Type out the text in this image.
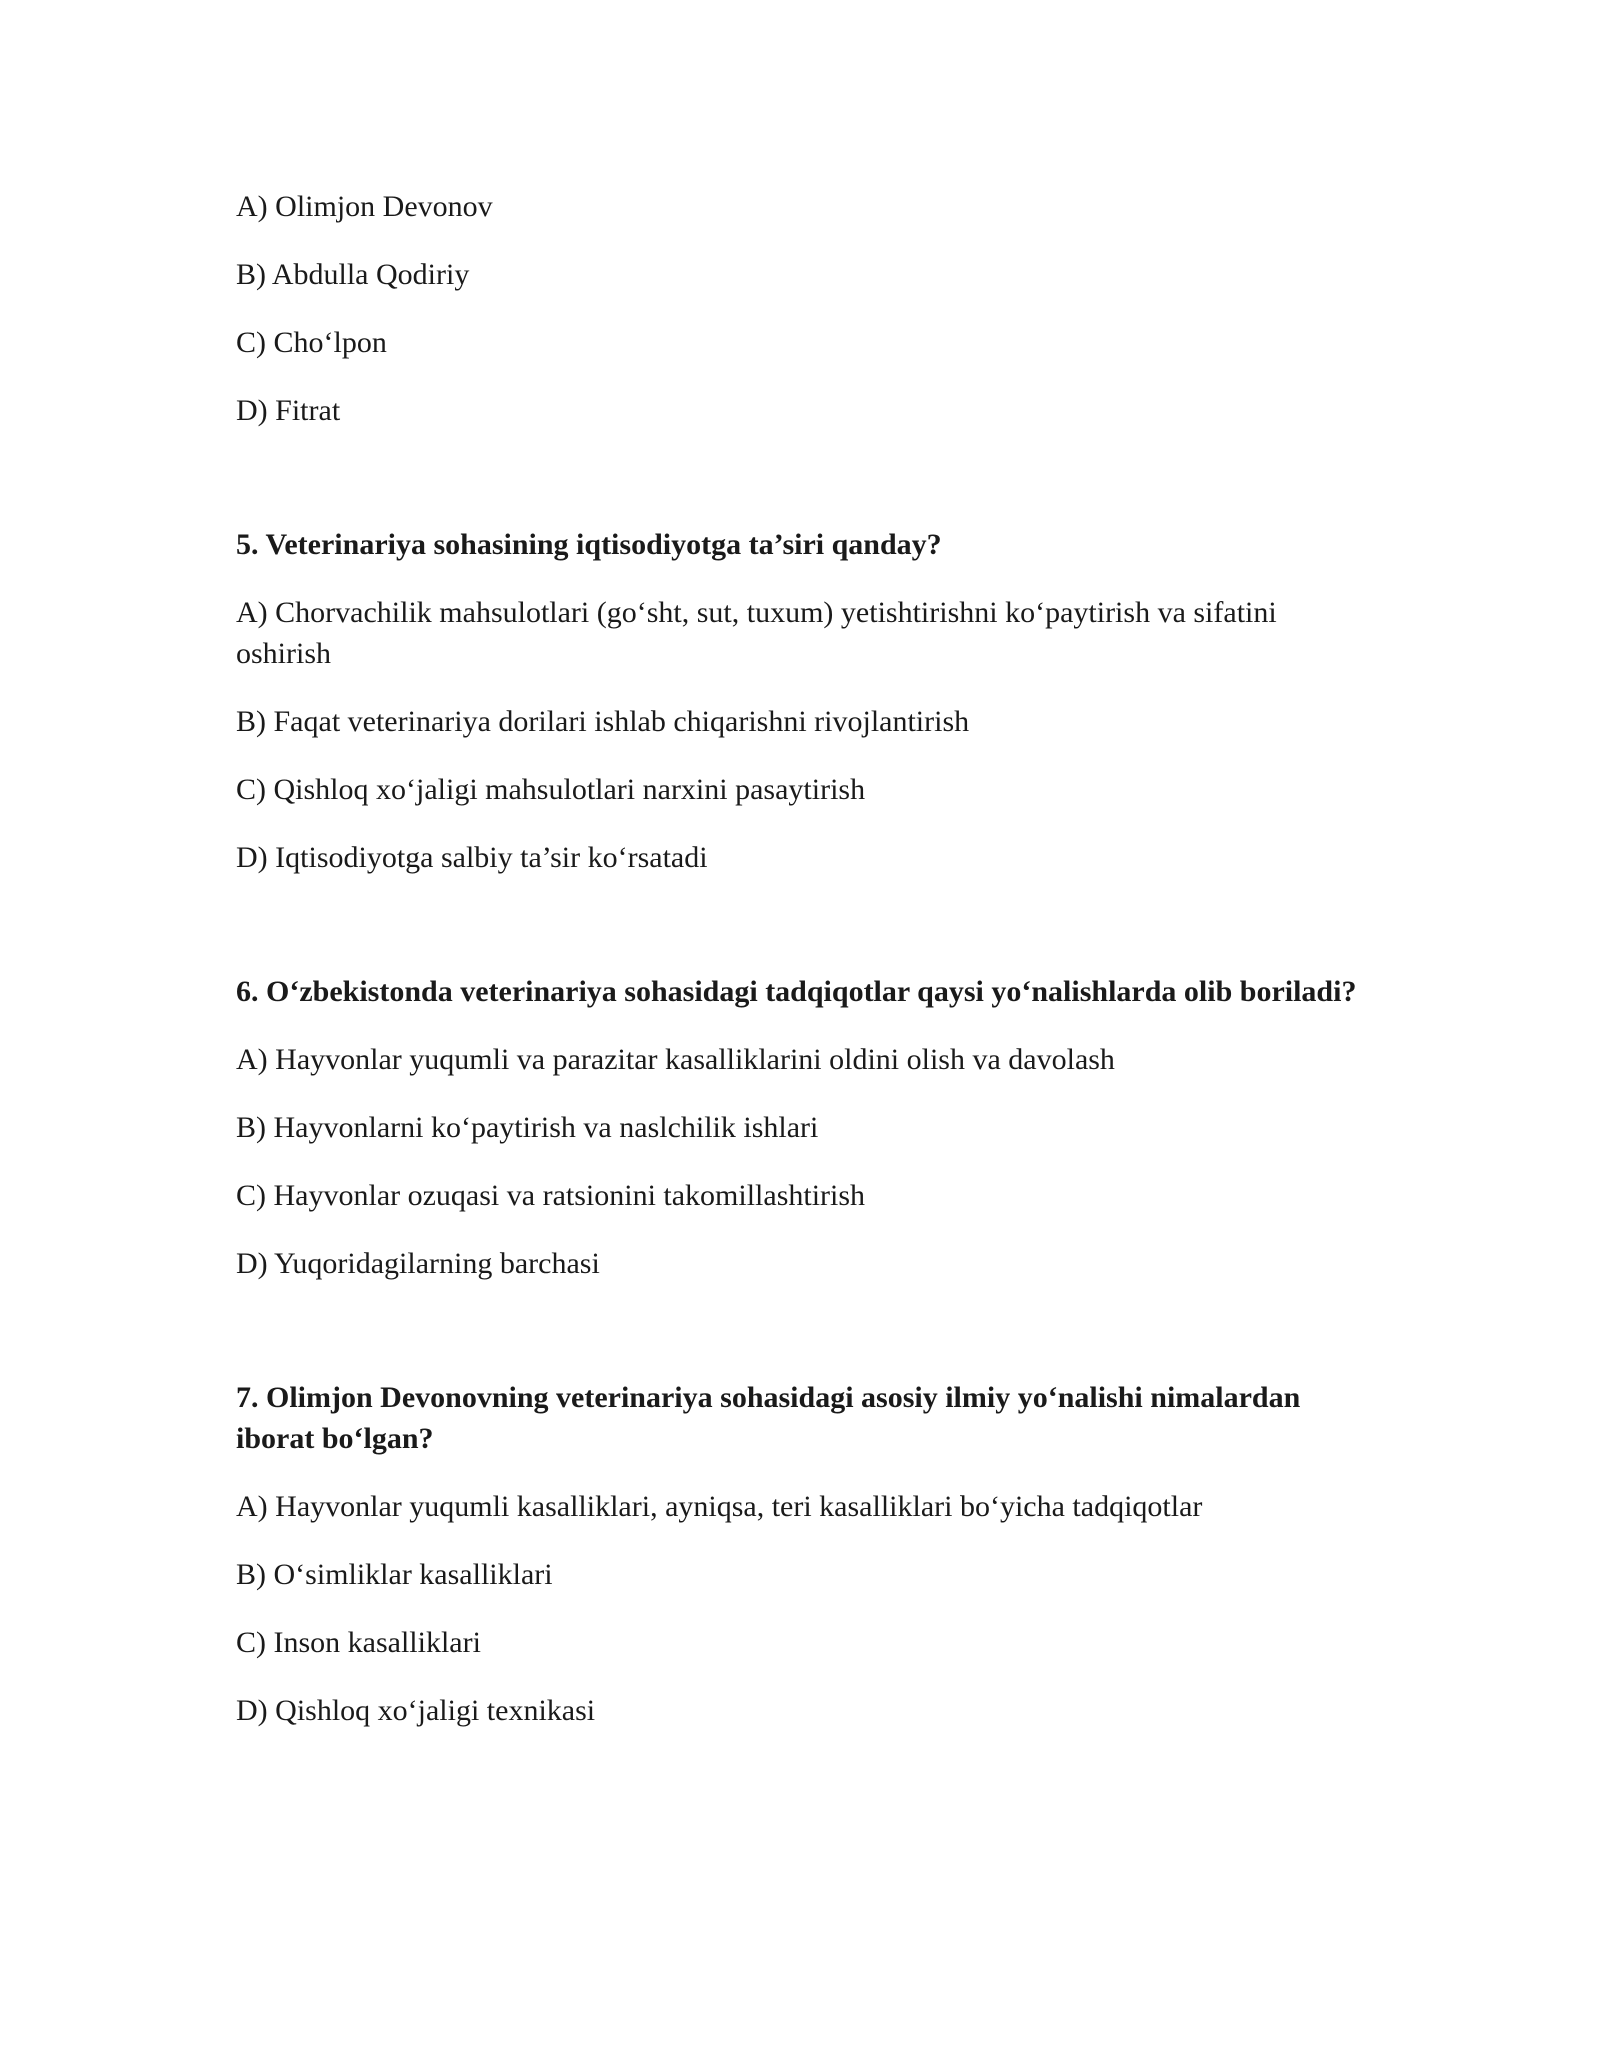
A) Olimjon Devonov

B) Abdulla Qodiriy

C) Cho‘lpon

D) Fitrat

5. Veterinariya sohasining iqtisodiyotga ta’siri qanday?

A) Chorvachilik mahsulotlari (go‘sht, sut, tuxum) yetishtirishni ko‘paytirish va sifatini oshirish

B) Faqat veterinariya dorilari ishlab chiqarishni rivojlantirish

C) Qishloq xo‘jaligi mahsulotlari narxini pasaytirish

D) Iqtisodiyotga salbiy ta’sir ko‘rsatadi

6. O‘zbekistonda veterinariya sohasidagi tadqiqotlar qaysi yo‘nalishlarda olib boriladi?

A) Hayvonlar yuqumli va parazitar kasalliklarini oldini olish va davolash

B) Hayvonlarni ko‘paytirish va naslchilik ishlari

C) Hayvonlar ozuqasi va ratsionini takomillashtirish

D) Yuqoridagilarning barchasi

7. Olimjon Devonovning veterinariya sohasidagi asosiy ilmiy yo‘nalishi nimalardan iborat bo‘lgan?

A) Hayvonlar yuqumli kasalliklari, ayniqsa, teri kasalliklari bo‘yicha tadqiqotlar

B) O‘simliklar kasalliklari

C) Inson kasalliklari

D) Qishloq xo‘jaligi texnikasi
